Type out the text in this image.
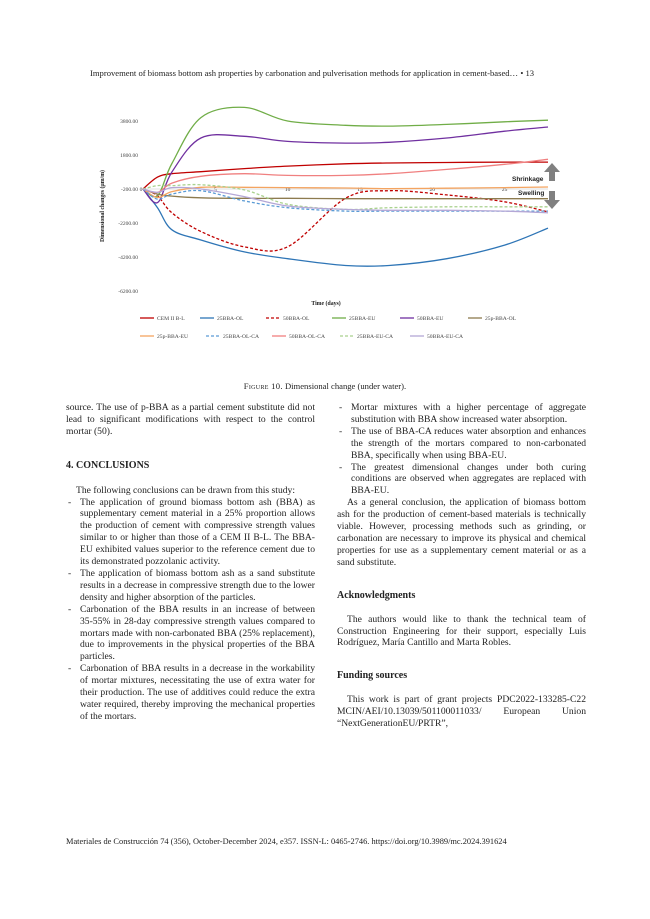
Improvement of biomass bottom ash properties by carbonation and pulverisation methods for application in cement-based… • 13
-6200.00
-4200.00
-2200.00
-200.00
1800.00
3800.00
0	5	10	15	20	25
Dimensional changes (µm/m)
Time (days)
Shrinkage
Swelling
CEM II B-L	25BBA-OL	50BBA-OL	25BBA-EU	50BBA-EU	25p-BBA-OL
25p-BBA-EU	25BBA-OL-CA	50BBA-OL-CA	25BBA-EU-CA	50BBA-EU-CA
Figure 10. Dimensional change (under water).

source. The use of p-BBA as a partial cement substitute did not lead to significant modifications with respect to the control mortar (50).

4. CONCLUSIONS

The following conclusions can be drawn from this study:

- The application of ground biomass bottom ash (BBA) as supplementary cement material in a 25% proportion allows the production of cement with compressive strength values similar to or higher than those of a CEM II B-L. The BBA-EU exhibited values superior to the reference cement due to its demonstrated pozzolanic activity.
- The application of biomass bottom ash as a sand substitute results in a decrease in compressive strength due to the lower density and higher absorption of the particles.
- Carbonation of the BBA results in an increase of between 35-55% in 28-day compressive strength values compared to mortars made with non-carbonated BBA (25% replacement), due to improvements in the physical properties of the BBA particles.
- Carbonation of BBA results in a decrease in the workability of mortar mixtures, necessitating the use of extra water for their production. The use of additives could reduce the extra water required, thereby improving the mechanical properties of the mortars.
- Mortar mixtures with a higher percentage of aggregate substitution with BBA show increased water absorption.
- The use of BBA-CA reduces water absorption and enhances the strength of the mortars compared to non-carbonated BBA, specifically when using BBA-EU.
- The greatest dimensional changes under both curing conditions are observed when aggregates are replaced with BBA-EU.

As a general conclusion, the application of biomass bottom ash for the production of cement-based materials is technically viable. However, processing methods such as grinding, or carbonation are necessary to improve its physical and chemical properties for use as a supplementary cement material or as a sand substitute.

Acknowledgments

The authors would like to thank the technical team of Construction Engineering for their support, especially Luis Rodríguez, María Cantillo and Marta Robles.

Funding sources

This work is part of grant projects PDC2022-133285-C22 MCIN/AEI/10.13039/501100011033/ European Union “NextGenerationEU/PRTR”,

Materiales de Construcción 74 (356), October-December 2024, e357. ISSN-L: 0465-2746. https://doi.org/10.3989/mc.2024.391624
